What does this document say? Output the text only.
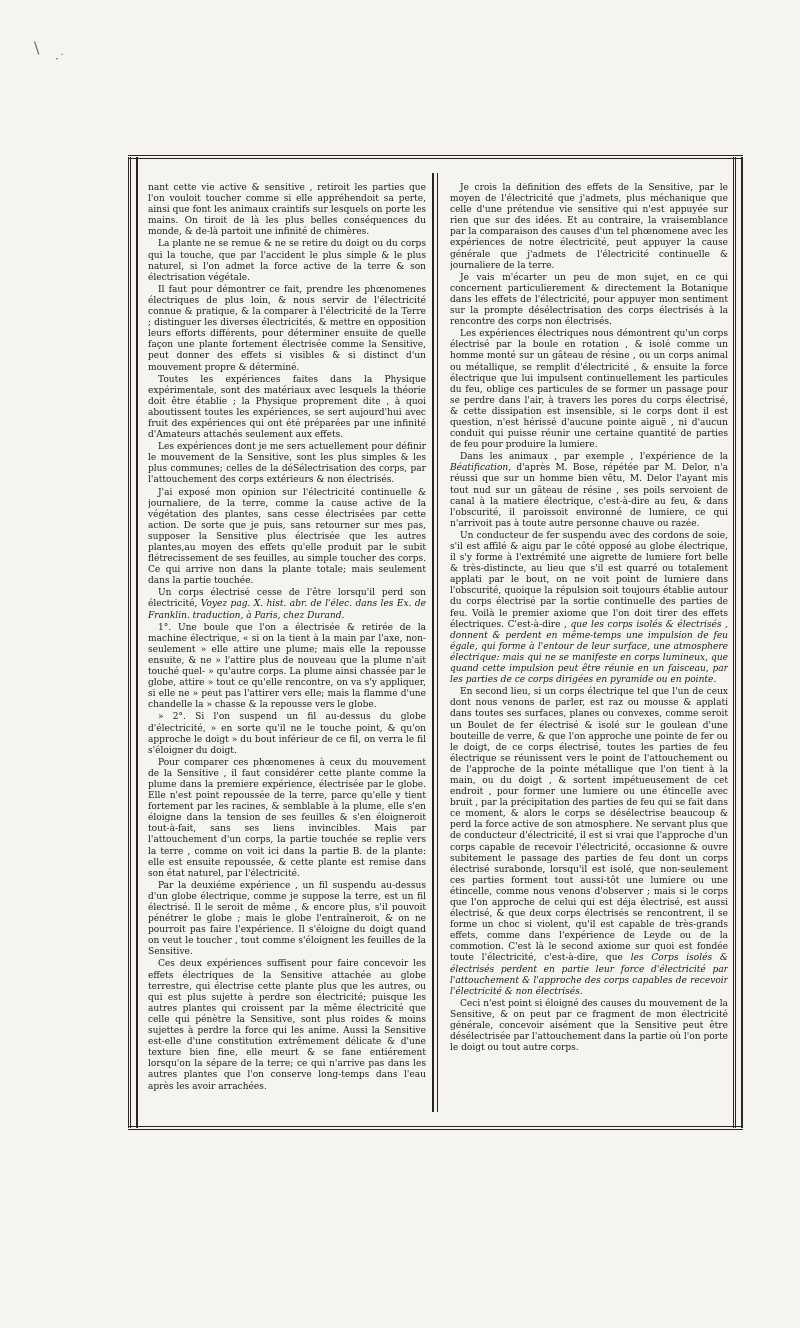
\
·˙

nant cette vie active & sensitive , retiroit les parties que l'on vouloit toucher comme si elle appréhendoit sa perte, ainsi que font les animaux craintifs sur lesquels on porte les mains. On tiroit de là les plus belles conséquences du monde, & de-là partoit une infinité de chimères.

La plante ne se remue & ne se retire du doigt ou du corps qui la touche, que par l'accident le plus simple & le plus naturel, si l'on admet la force active de la terre & son électrisation végétale.

Il faut pour démontrer ce fait, prendre les phœnomenes électriques de plus loin, & nous servir de l'électricité connue & pratique, & la comparer à l'électricité de la Terre ; distinguer les diverses électricités, & mettre en opposition leurs efforts différents, pour déterminer ensuite de quelle façon une plante fortement électrisée comme la Sensitive, peut donner des effets si visibles & si distinct d'un mouvement propre & déterminé.

Toutes les expériences faites dans la Physique expérimentale, sont des matériaux avec lesquels la théorie doit être établie ; la Physique proprement dite , à quoi aboutissent toutes les expériences, se sert aujourd'hui avec fruit des expériences qui ont été préparées par une infinité d'Amateurs attachés seulement aux effets.

Les expériences dont je me sers actuellement pour définir le mouvement de la Sensitive, sont les plus simples & les plus communes; celles de la déSélectrisation des corps, par l'attouchement des corps extérieurs & non électrisés.

J'ai exposé mon opinion sur l'électricité continuelle & journaliere, de la terre, comme la cause active de la végétation des plantes, sans cesse électrisées par cette action. De sorte que je puis, sans retourner sur mes pas, supposer la Sensitive plus électrisée que les autres plantes,au moyen des effets qu'elle produit par le subit flétrecissement de ses feuilles, au simple toucher des corps. Ce qui arrive non dans la plante totale; mais seulement dans la partie touchée.

Un corps électrisé cesse de l'être lorsqu'il perd son électricité, Voyez pag. X. hist. abr. de l'élec. dans les Ex. de Franklin. traduction, à Paris, chez Durand.

1°. Une boule que l'on a électrisée & retirée de la machine électrique, « si on la tient à la main par l'axe, non-seulement » elle attire une plume; mais elle la repousse ensuite, & ne » l'attire plus de nouveau que la plume n'ait touché quel- » qu'autre corps. La plume ainsi chassée par le globe, attire » tout ce qu'elle rencontre, on va s'y appliquer, si elle ne » peut pas l'attirer vers elle; mais la flamme d'une chandelle la » chasse & la repousse vers le globe.

» 2°. Si l'on suspend un fil au-dessus du globe d'électricité, » en sorte qu'il ne le touche point, & qu'on approche le doigt » du bout inférieur de ce fil, on verra le fil s'éloigner du doigt.

Pour comparer ces phœnomenes à ceux du mouvement de la Sensitive , il faut considérer cette plante comme la plume dans la premiere expérience, électrisée par le globe. Elle n'est point repoussée de la terre, parce qu'elle y tient fortement par les racines, & semblable à la plume, elle s'en éloigne dans la tension de ses feuilles & s'en éloigneroit tout-à-fait, sans ses liens invincibles. Mais par l'attouchement d'un corps, la partie touchée se replie vers la terre , comme on voit ici dans la partie B. de la plante: elle est ensuite repoussée, & cette plante est remise dans son état naturel, par l'électricité.

Par la deuxiéme expérience , un fil suspendu au-dessus d'un globe électrique, comme je suppose la terre, est un fil électrisé. Il le seroit de même , & encore plus, s'il pouvoit pénétrer le globe ; mais le globe l'entraîneroit, & on ne pourroit pas faire l'expérience. Il s'éloigne du doigt quand on veut le toucher , tout comme s'éloignent les feuilles de la Sensitive.

Ces deux expériences suffisent pour faire concevoir les effets électriques de la Sensitive attachée au globe terrestre, qui électrise cette plante plus que les autres, ou qui est plus sujette à perdre son électricité; puisque les autres plantes qui croissent par la même électricité que celle qui pénètre la Sensitive, sont plus roides & moins sujettes à perdre la force qui les anime. Aussi la Sensitive est-elle d'une constitution extrêmement délicate & d'une texture bien fine, elle meurt & se fane entiérement lorsqu'on la sépare de la terre; ce qui n'arrive pas dans les autres plantes que l'on conserve long-temps dans l'eau après les avoir arrachées.

Je crois la définition des effets de la Sensitive, par le moyen de l'électricité que j'admets, plus méchanique que celle d'une prétendue vie sensitive qui n'est appuyée sur rien que sur des idées. Et au contraire, la vraisemblance par la comparaison des causes d'un tel phœnomene avec les expériences de notre électricité, peut appuyer la cause générale que j'admets de l'électricité continuelle & journaliere de la terre.

Je vais m'écarter un peu de mon sujet, en ce qui concernent particulierement & directement la Botanique dans les effets de l'électricité, pour appuyer mon sentiment sur la prompte désélectrisation des corps électrisés à la rencontre des corps non électrisés.

Les expériences électriques nous démontrent qu'un corps électrisé par la boule en rotation , & isolé comme un homme monté sur un gâteau de résine , ou un corps animal ou métallique, se remplit d'électricité , & ensuite la force électrique que lui impulsent continuellement les particules du feu, oblige ces particules de se former un passage pour se perdre dans l'air, à travers les pores du corps électrisé, & cette dissipation est insensible, si le corps dont il est question, n'est hérissé d'aucune pointe aiguë , ni d'aucun conduit qui puisse réunir une certaine quantité de parties de feu pour produire la lumiere.

Dans les animaux , par exemple , l'expérience de la Béatification, d'après M. Bose, répétée par M. Delor, n'a réussi que sur un homme bien vêtu, M. Delor l'ayant mis tout nud sur un gâteau de résine , ses poils servoient de canal à la matiere électrique, c'est-à-dire au feu, & dans l'obscurité, il paroissoit environné de lumiere, ce qui n'arrivoit pas à toute autre personne chauve ou razée.

Un conducteur de fer suspendu avec des cordons de soie, s'il est affilé & aigu par le côté opposé au globe électrique, il s'y forme à l'extrémité une aigrette de lumiere fort belle & très-distincte, au lieu que s'il est quarré ou totalement applati par le bout, on ne voit point de lumiere dans l'obscurité, quoique la répulsion soit toujours établie autour du corps électrisé par la sortie continuelle des parties de feu. Voilà le premier axiome que l'on doit tirer des effets électriques. C'est-à-dire , que les corps isolés & électrisés , donnent & perdent en même-temps une impulsion de feu égale, qui forme à l'entour de leur surface, une atmosphere électrique: mais qui ne se manifeste en corps lumineux, que quand cette impulsion peut être réunie en un faisceau, par les parties de ce corps dirigées en pyramide ou en pointe.

En second lieu, si un corps électrique tel que l'un de ceux dont nous venons de parler, est raz ou mousse & applati dans toutes ses surfaces, planes ou convexes, comme seroit un Boulet de fer électrisé & isolé sur le goulean d'une bouteille de verre, & que l'on approche une pointe de fer ou le doigt, de ce corps électrisé, toutes les parties de feu électrique se réunissent vers le point de l'attouchement ou de l'approche de la pointe métallique que l'on tient à la main, ou du doigt , & sortent impétueusement de cet endroit , pour former une lumiere ou une étincelle avec bruit , par la précipitation des parties de feu qui se fait dans ce moment, & alors le corps se désélectrise beaucoup & perd la force active de son atmosphere. Ne servant plus que de conducteur d'électricité, il est si vrai que l'approche d'un corps capable de recevoir l'électricité, occasionne & ouvre subitement le passage des parties de feu dont un corps électrisé surabonde, lorsqu'il est isolé, que non-seulement ces parties forment tout aussi-tôt une lumiere ou une étincelle, comme nous venons d'observer ; mais si le corps que l'on approche de celui qui est déja électrisé, est aussi électrisé, & que deux corps électrisés se rencontrent, il se forme un choc si violent, qu'il est capable de très-grands effets, comme dans l'expérience de Leyde ou de la commotion. C'est là le second axiome sur quoi est fondée toute l'électricité, c'est-à-dire, que les Corps isolés & électrisés perdent en partie leur force d'électricité par l'attouchement & l'approche des corps capables de recevoir l'électricité & non électrisés.

Ceci n'est point si éloigné des causes du mouvement de la Sensitive, & on peut par ce fragment de mon électricité générale, concevoir aisément que la Sensitive peut être désélectrisée par l'attouchement dans la partie où l'on porte le doigt ou tout autre corps.
